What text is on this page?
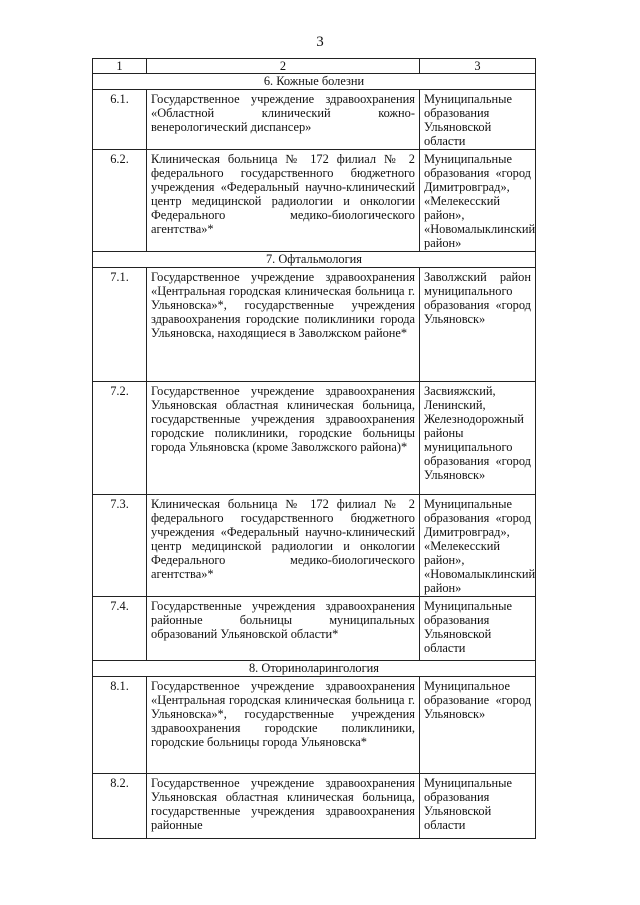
3
1	2	3
6. Кожные болезни		
6.1.	Государственное учреждение здравоохранения «Областной клинический кожно-венерологический диспансер»	Муниципальные образования Ульяновской области
6.2.	Клиническая больница № 172 филиал № 2 федерального государственного бюджетного учреждения «Федеральный научно-клинический центр медицинской радиологии и онкологии Федерального медико-биологического агентства»*	Муниципальные образования «город Димитровград», «Мелекесский район», «Новомалыклинский район»
7. Офтальмология		
7.1.	Государственное учреждение здравоохранения «Центральная городская клиническая больница г. Ульяновска»*, государственные учреждения здравоохранения городские поликлиники города Ульяновска, находящиеся в Заволжском районе*	Заволжский район муниципального образования «город Ульяновск»
7.2.	Государственное учреждение здравоохранения Ульяновская областная клиническая больница, государственные учреждения здравоохранения городские поликлиники, городские больницы города Ульяновска (кроме Заволжского района)*	Засвияжский, Ленинский, Железнодорожный районы муниципального образования «город Ульяновск»
7.3.	Клиническая больница № 172 филиал № 2 федерального государственного бюджетного учреждения «Федеральный научно-клинический центр медицинской радиологии и онкологии Федерального медико-биологического агентства»*	Муниципальные образования «город Димитровград», «Мелекесский район», «Новомалыклинский район»
7.4.	Государственные учреждения здравоохранения районные больницы муниципальных образований Ульяновской области*	Муниципальные образования Ульяновской области
8. Оториноларингология		
8.1.	Государственное учреждение здравоохранения «Центральная городская клиническая больница г. Ульяновска»*, государственные учреждения здравоохранения городские поликлиники, городские больницы города Ульяновска*	Муниципальное образование «город Ульяновск»
8.2.	Государственное учреждение здравоохранения Ульяновская областная клиническая больница, государственные учреждения здравоохранения районные	Муниципальные образования Ульяновской области
